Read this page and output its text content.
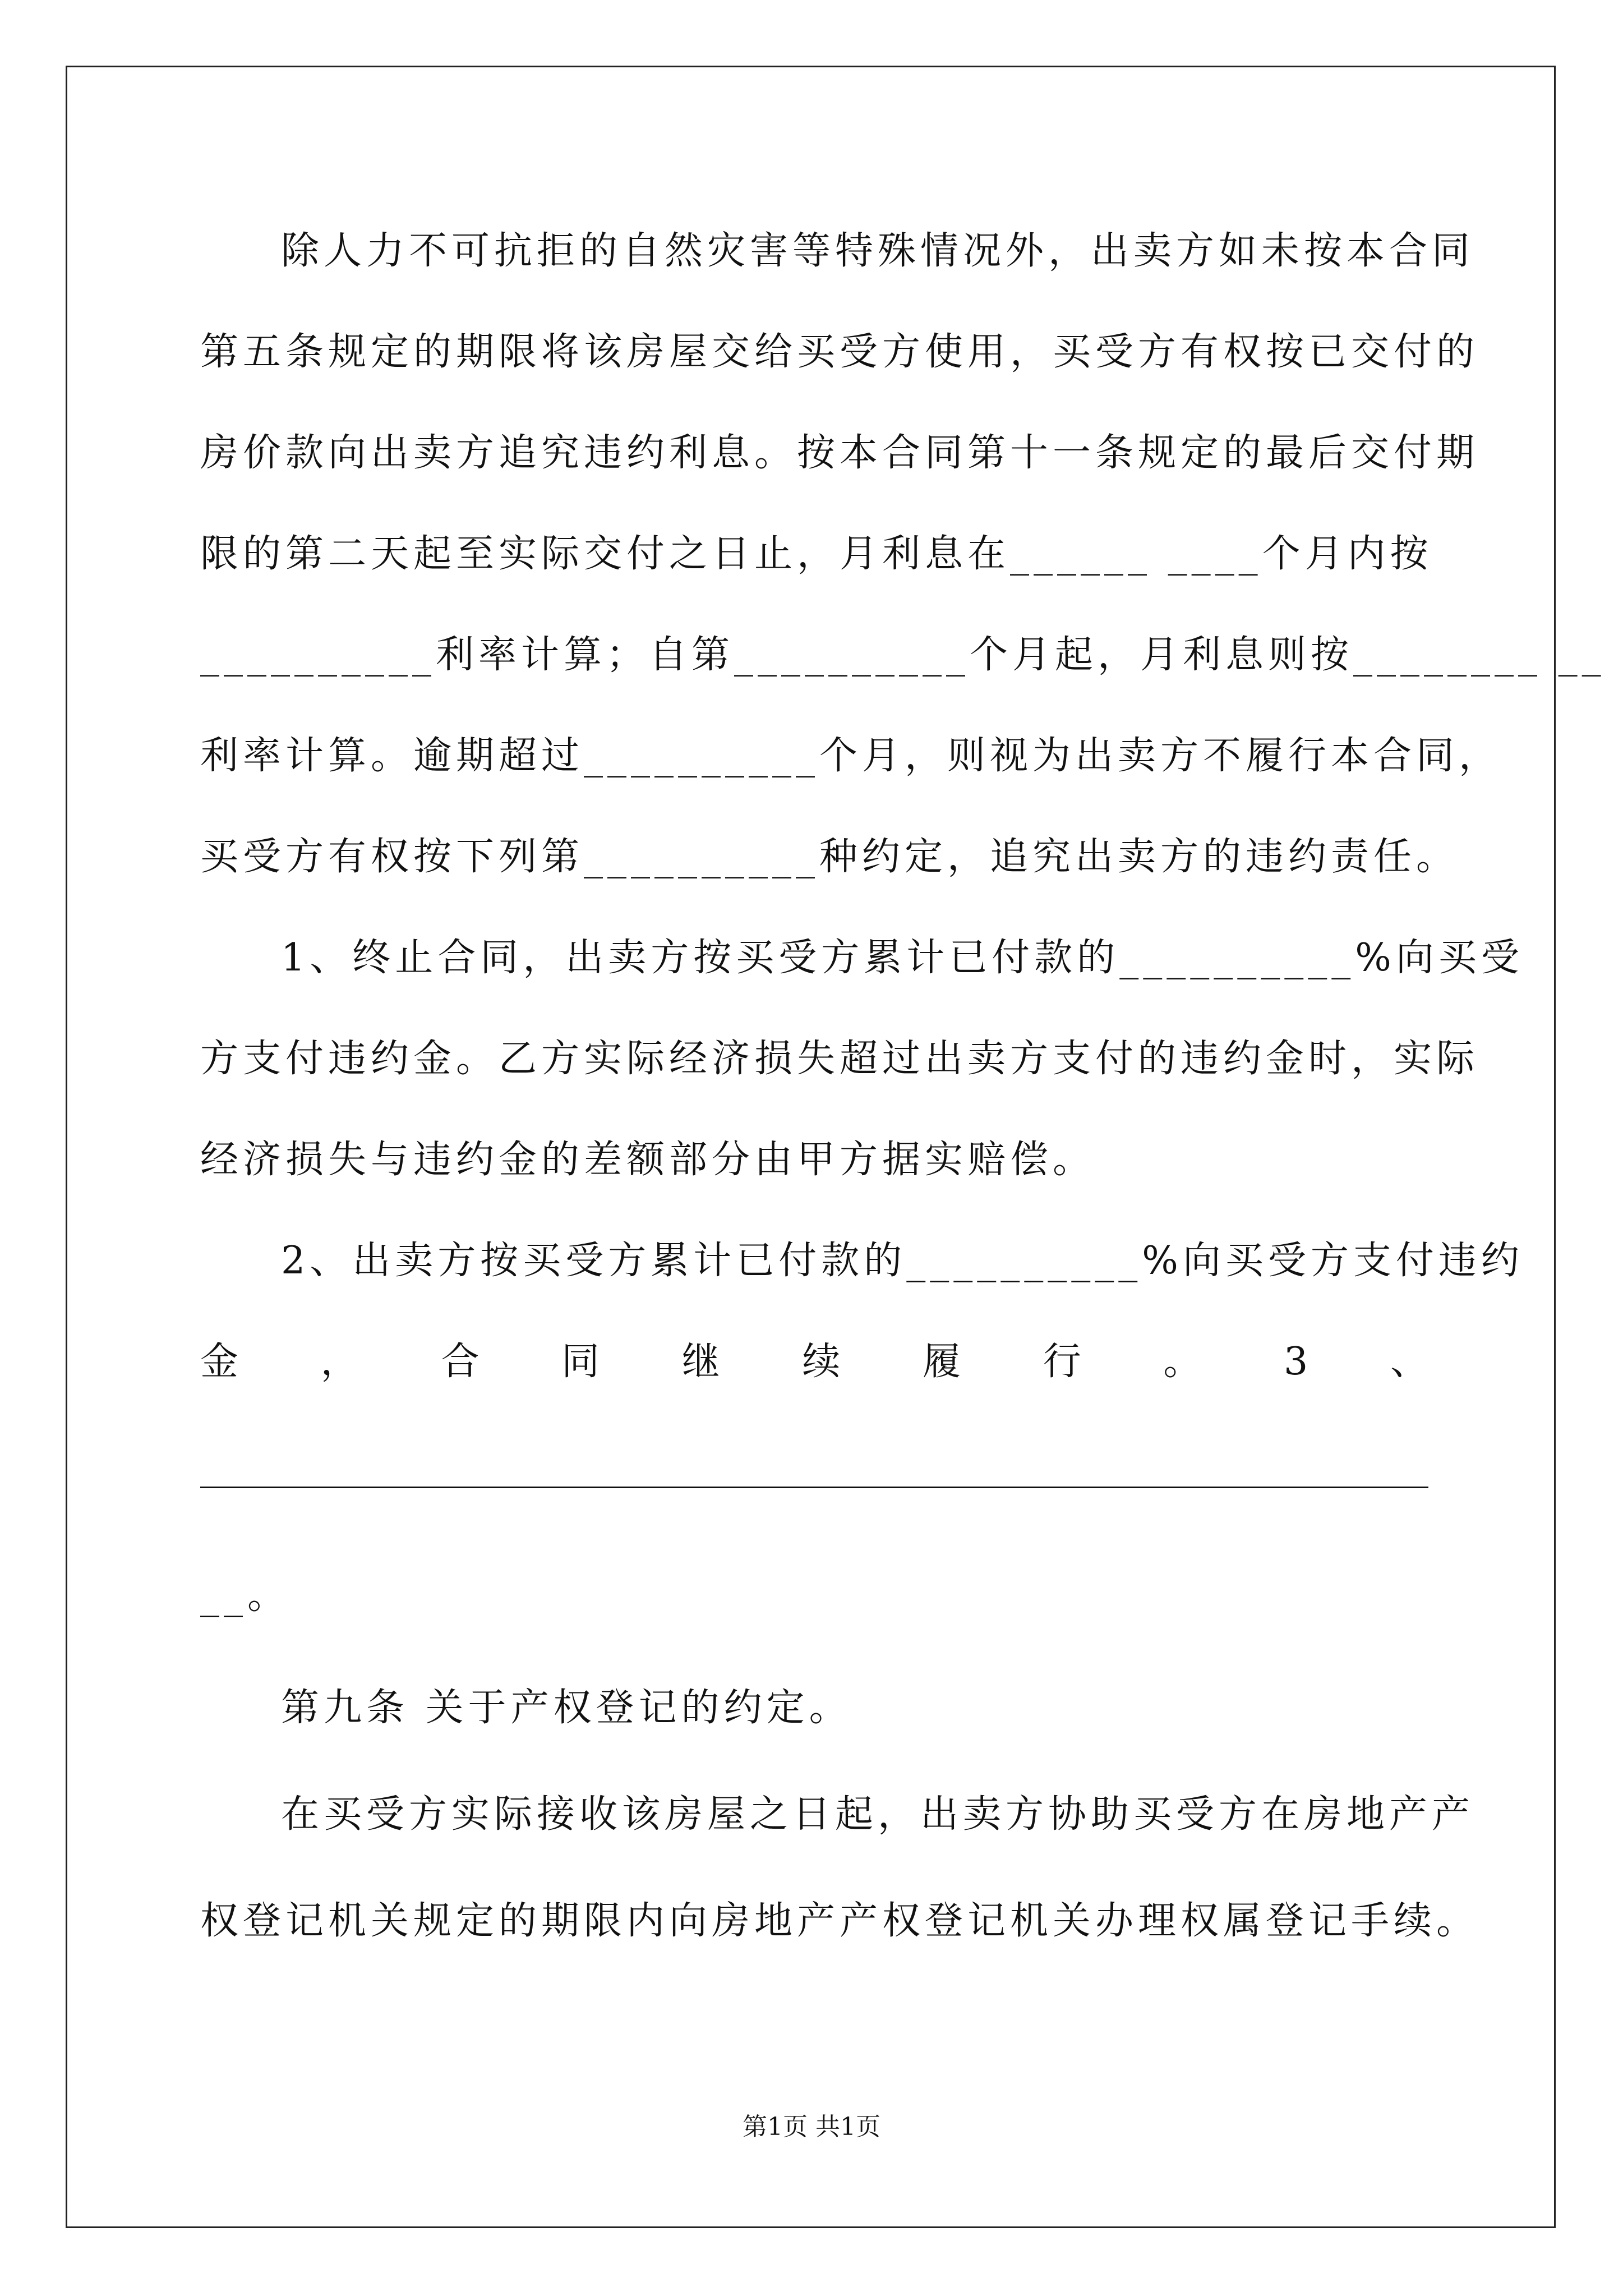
除人力不可抗拒的自然灾害等特殊情况外，出卖方如未按本合同
第五条规定的期限将该房屋交给买受方使用，买受方有权按已交付的
房价款向出卖方追究违约利息。按本合同第十一条规定的最后交付期
限的第二天起至实际交付之日止，月利息在______ ____个月内按
__________利率计算；自第__________个月起，月利息则按________ __
利率计算。逾期超过__________个月，则视为出卖方不履行本合同，
买受方有权按下列第__________种约定，追究出卖方的违约责任。
1、终止合同，出卖方按买受方累计已付款的__________%向买受
方支付违约金。乙方实际经济损失超过出卖方支付的违约金时，实际
经济损失与违约金的差额部分由甲方据实赔偿。
2、出卖方按买受方累计已付款的__________%向买受方支付违约
金 ， 合 同 继 续 履 行 。 3 、
__。
第九条 关于产权登记的约定。
在买受方实际接收该房屋之日起，出卖方协助买受方在房地产产
权登记机关规定的期限内向房地产产权登记机关办理权属登记手续。
第1页 共1页
